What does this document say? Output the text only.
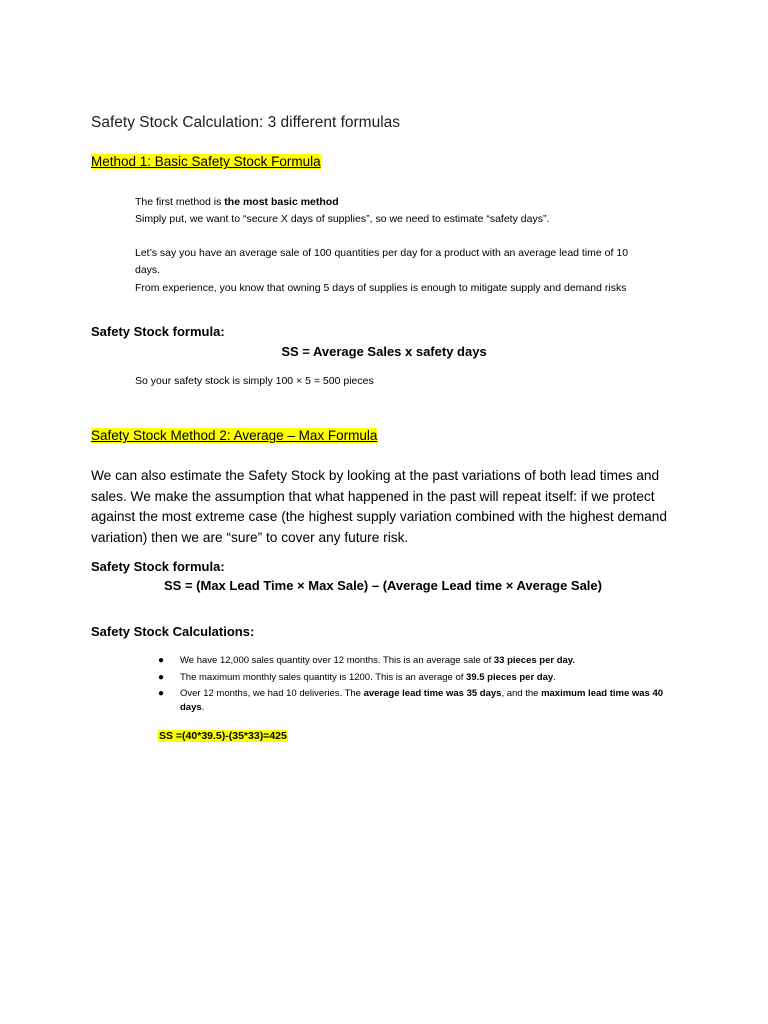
Safety Stock Calculation: 3 different formulas
Method 1: Basic Safety Stock Formula
The first method is the most basic method
Simply put, we want to “secure X days of supplies”, so we need to estimate “safety days”.
Let’s say you have an average sale of 100 quantities per day for a product with an average lead time of 10
days.
From experience, you know that owning 5 days of supplies is enough to mitigate supply and demand risks
Safety Stock formula:
SS = Average Sales x safety days
So your safety stock is simply 100 × 5 = 500 pieces
Safety Stock Method 2: Average – Max Formula
We can also estimate the Safety Stock by looking at the past variations of both lead times and sales. We make the assumption that what happened in the past will repeat itself: if we protect against the most extreme case (the highest supply variation combined with the highest demand variation) then we are “sure” to cover any future risk.
Safety Stock formula:
SS = (Max Lead Time × Max Sale) – (Average Lead time × Average Sale)
Safety Stock Calculations:
● We have 12,000 sales quantity over 12 months. This is an average sale of 33 pieces per day.
● The maximum monthly sales quantity is 1200. This is an average of 39.5 pieces per day.
● Over 12 months, we had 10 deliveries. The average lead time was 35 days, and the maximum lead time was 40 days.
SS =(40*39.5)-(35*33)=425
